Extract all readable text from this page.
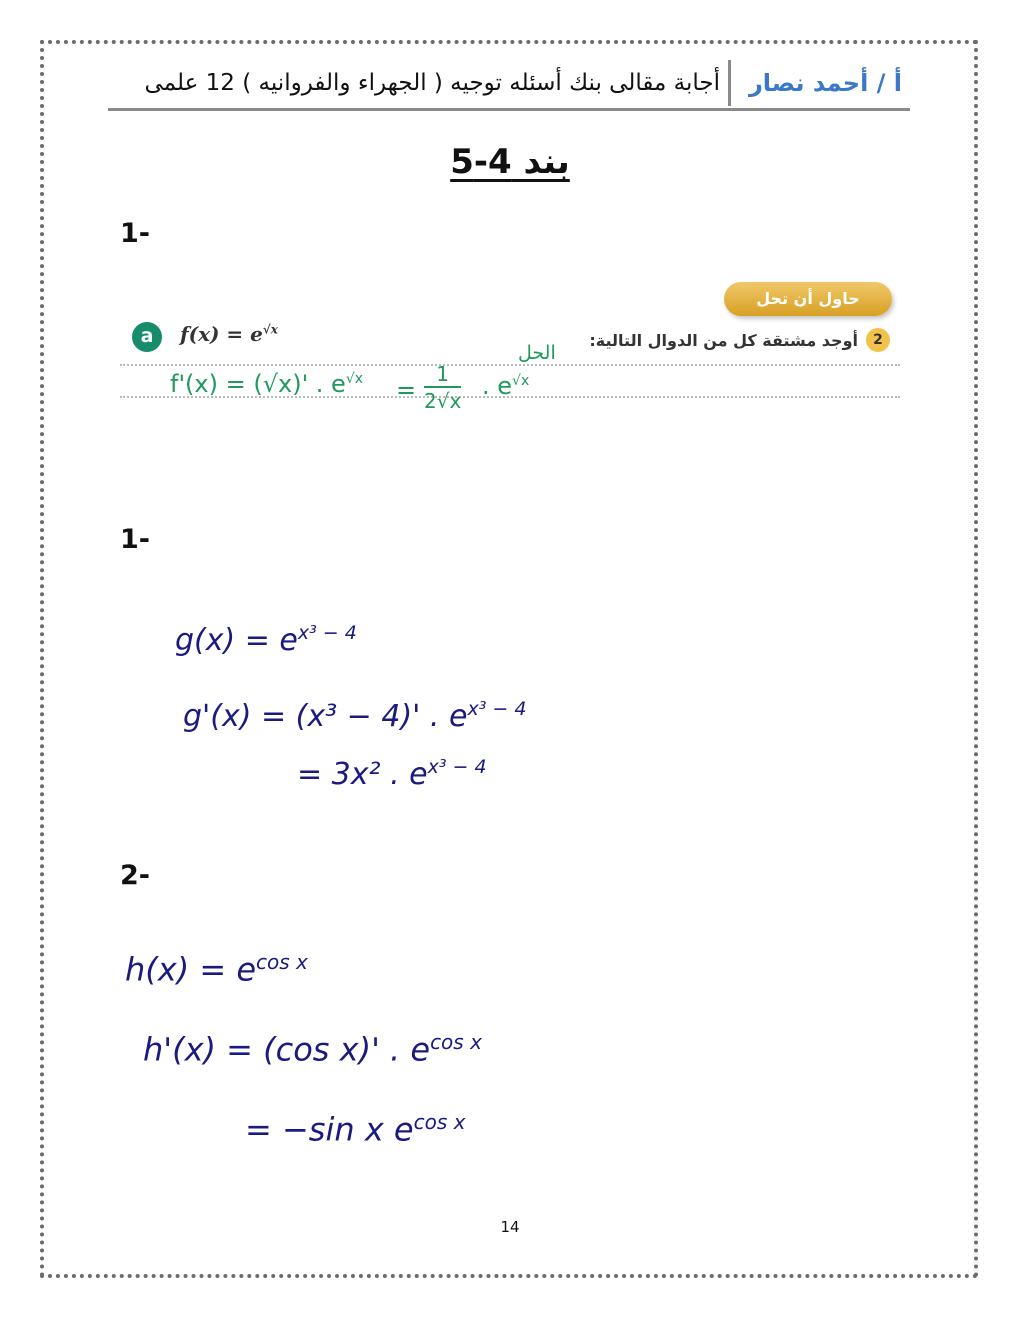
أ / أحمد نصار
أجابة مقالى بنك أسئله توجيه ( الجهراء والفروانيه ) 12 علمى
بند 4-5
1-
حاول أن تحل
2
أوجد مشتقة كل من الدوال التالية:
a	$f(x) = e^{√x}$
الحل
f'(x) = (√x)' . $e^{√x}$ =
1
2√x
. $e^{√x}$
1-
$g(x) = e^{x^3 - 4}$
g'(x) = (x³ − 4)' . $e^{x^3 - 4}$
= 3x² . $e^{x^3 - 4}$
2-
$h(x) = e^{cos x}$
h'(x) = (cos x)' . $e^{cos x}$
= −sin x $e^{cos x}$
14
